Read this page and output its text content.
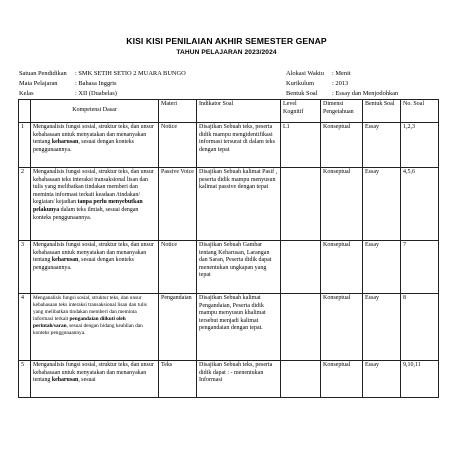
KISI KISI PENILAIAN AKHIR SEMESTER GENAP
TAHUN PELAJARAN 2023/2024
Satuan Pendidikan : SMK SETIH SETIO 2 MUARA BUNGO
Mata Pelajaran	: Bahasa Inggris
Kelas	: XII (Duabelas)
Alokasi Waktu : Menit
Kurikulum	: 2013
Bentuk Soal : Essay dan Menjodohkan
	Kompetensi Dasar	Materi	Indikator Soal	Level Kognitif	Dimensi Pengetahuan	Bentuk Soal	No. Soal
1	Menganalisis fungsi sosial, struktur teks, dan unsur kebahasaan untuk menyatakan dan menanyakan tentang keharusan, sesuai dengan konteks penggunaannya.	Notice	Disajikan Sebuah teks, peserta didik mampu mengidentifikasi informasi tersurat di dalam teks dengan tepat	L1	Konseptual	Essay	1,2,3
2	Menganalisis fungsi sosial, struktur teks, dan unsur kebahasaan teks interaksi transaksional lisan dan tulis yang melibatkan tindakan memberi dan meminta informasi terkait keadaan /tindakan/ kegiatan/ kejadian tanpa perlu menyebutkan pelakunya dalam teks ilmiah, sesuai dengan konteks penggunaannya.	Passive Voice	Disajikan Sebuah kalimat Pasif , peserta didik mampu menyusun kalimat passive dengan tepat		Konseptual	Essay	4,5,6
3	Menganalisis fungsi sosial, struktur teks, dan unsur kebahasaan untuk menyatakan dan menanyakan tentang keharusan, sesuai dengan konteks penggunaannya.	Notice	Disajikan Sebuah Gambar tentang Keharusan, Larangan dan Saran, Peserta didik dapat menentukan ungkapan yang tepat		Konseptual	Essay	7
4	Menganalisis fungsi sosial, struktur teks, dan unsur kebahasaan teks interaksi transaksional lisan dan tulis yang melibatkan tindakan memberi dan meminta informasi terkait pengandaian diikuti oleh perintah/saran, sesuai dengan bidang keahlian dan konteks penggunaannya.	Pengandaian	Disajikan Sebuah kalimat Pengandaian, Peserta didik mampu menyusun khalimat tersebut menjadi kalimat pengandaian dengan tepat.		Konseptual	Essay	8
5	Menganalisis fungsi sosial, struktur teks, dan unsur kebahasaan untuk menyatakan dan menanyakan tentang keharusan, sesuai	Teks	Disajikan Sebuah teks, peserta didik dapat : - menentukan Informasi		Konseptual	Essay	9,10,11
